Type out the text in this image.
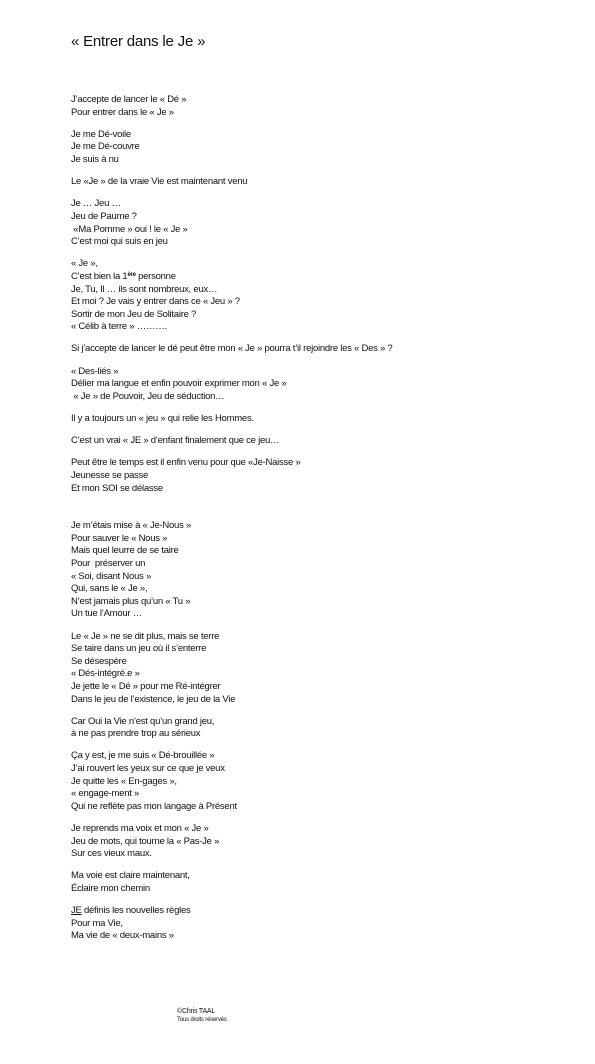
« Entrer dans le Je »
J’accepte de lancer le « Dé »
Pour entrer dans le « Je »
Je me Dé-voile
Je me Dé-couvre
Je suis à nu
Le «Je » de la vraie Vie est maintenant venu
Je … Jeu …
Jeu de Paume ?
«Ma Pomme » oui ! le « Je »
C’est moi qui suis en jeu
« Je »,
C’est bien la 1ère personne
Je, Tu, Il … ils sont nombreux, eux…
Et moi ? Je vais y entrer dans ce « Jeu » ?
Sortir de mon Jeu de Solitaire ?
« Célib à terre » ……….
Si j’accepte de lancer le dé peut être mon « Je » pourra t’il rejoindre les « Des » ?
« Des-liés »
Délier ma langue et enfin pouvoir exprimer mon « Je »
« Je » de Pouvoir, Jeu de séduction…
Il y a toujours un « jeu » qui relie les Hommes.
C’est un vrai « JE » d’enfant finalement que ce jeu…
Peut être le temps est il enfin venu pour que «Je-Naisse »
Jeunesse se passe
Et mon SOI se délasse
Je m’étais mise à « Je-Nous »
Pour sauver le « Nous »
Mais quel leurre de se taire
Pour  préserver un
« Soi, disant Nous »
Qui, sans le « Je »,
N’est jamais plus qu’un « Tu »
Un tue l’Amour …
Le « Je » ne se dit plus, mais se terre
Se taire dans un jeu où il s’enterre
Se désespère
« Dés-intégré.e »
Je jette le « Dé » pour me Ré-intégrer
Dans le jeu de l’existence, le jeu de la Vie
Car Oui la Vie n’est qu’un grand jeu,
à ne pas prendre trop au sérieux
Ça y est, je me suis « Dé-brouillée »
J’ai rouvert les yeux sur ce que je veux
Je quitte les « En-gages »,
« engage-ment »
Qui ne reflète pas mon langage à Présent
Je reprends ma voix et mon « Je »
Jeu de mots, qui tourne la « Pas-Je »
Sur ces vieux maux.
Ma voie est claire maintenant,
Éclaire mon chemin
JE définis les nouvelles règles
Pour ma Vie,
Ma vie de « deux-mains »
©Chris TAAL
Tous droits réservés
